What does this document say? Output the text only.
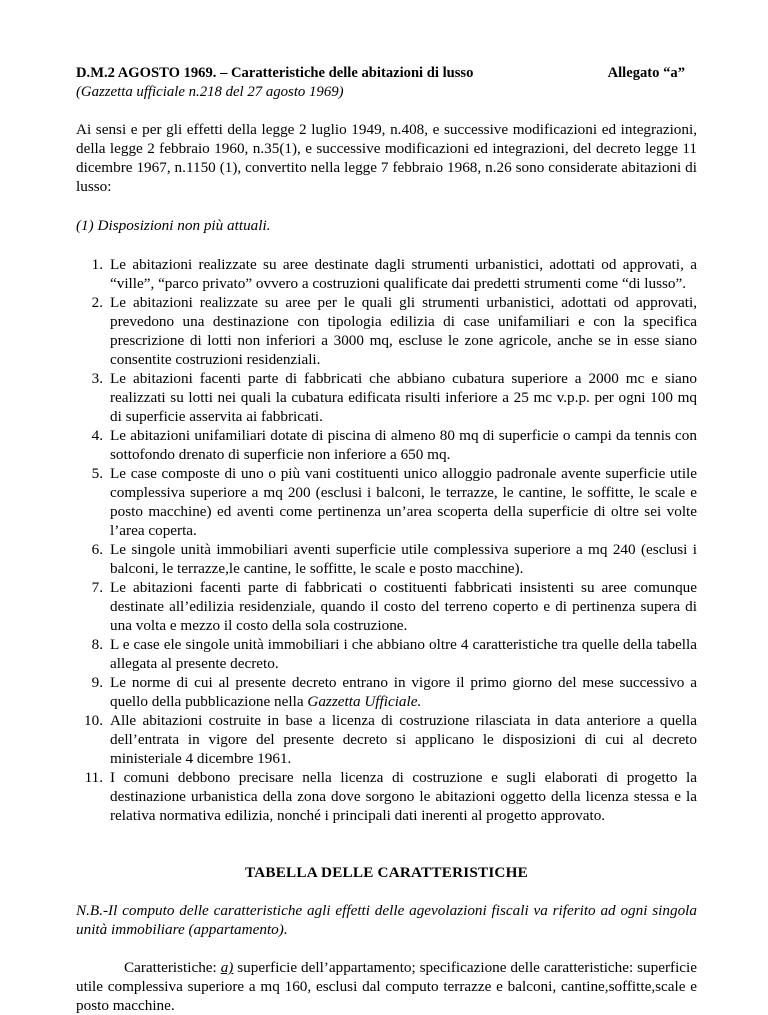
D.M.2 AGOSTO 1969. – Caratteristiche delle abitazioni di lusso	Allegato “a”
(Gazzetta ufficiale n.218 del 27 agosto 1969)

Ai sensi e per gli effetti della legge 2 luglio 1949, n.408, e successive modificazioni ed integrazioni, della legge 2 febbraio 1960, n.35(1), e successive modificazioni ed integrazioni, del decreto legge 11 dicembre 1967, n.1150 (1), convertito nella legge 7 febbraio 1968, n.26 sono considerate abitazioni di lusso:

(1) Disposizioni non più attuali.
1. Le abitazioni realizzate su aree destinate dagli strumenti urbanistici, adottati od approvati, a “ville”, “parco privato” ovvero a costruzioni qualificate dai predetti strumenti come “di lusso”.
2. Le abitazioni realizzate su aree per le quali gli strumenti urbanistici, adottati od approvati, prevedono una destinazione con tipologia edilizia di case unifamiliari e con la specifica prescrizione di lotti non inferiori a 3000 mq, escluse le zone agricole, anche se in esse siano consentite costruzioni residenziali.
3. Le abitazioni facenti parte di fabbricati che abbiano cubatura superiore a 2000 mc e siano realizzati su lotti nei quali la cubatura edificata risulti inferiore a 25 mc v.p.p. per ogni 100 mq di superficie asservita ai fabbricati.
4. Le abitazioni unifamiliari dotate di piscina di almeno 80 mq di superficie o campi da tennis con sottofondo drenato di superficie non inferiore a 650 mq.
5. Le case composte di uno o più vani costituenti unico alloggio padronale avente superficie utile complessiva superiore a mq 200 (esclusi i balconi, le terrazze, le cantine, le soffitte, le scale e posto macchine) ed aventi come pertinenza un’area scoperta della superficie di oltre sei volte l’area coperta.
6. Le singole unità immobiliari aventi superficie utile complessiva superiore a mq 240 (esclusi i balconi, le terrazze,le cantine, le soffitte, le scale e posto macchine).
7. Le abitazioni facenti parte di fabbricati o costituenti fabbricati insistenti su aree comunque destinate all’edilizia residenziale, quando il costo del terreno coperto e di pertinenza supera di una volta e mezzo il costo della sola costruzione.
8. L e case ele singole unità immobiliari i che abbiano oltre 4 caratteristiche tra quelle della tabella allegata al presente decreto.
9. Le norme di cui al presente decreto entrano in vigore il primo giorno del mese successivo a quello della pubblicazione nella Gazzetta Ufficiale.
10. Alle abitazioni costruite in base a licenza di costruzione rilasciata in data anteriore a quella dell’entrata in vigore del presente decreto si applicano le disposizioni di cui al decreto ministeriale 4 dicembre 1961.
11. I comuni debbono precisare nella licenza di costruzione e sugli elaborati di progetto la destinazione urbanistica della zona dove sorgono le abitazioni oggetto della licenza stessa e la relativa normativa edilizia, nonché i principali dati inerenti al progetto approvato.
TABELLA DELLE CARATTERISTICHE
N.B.-Il computo delle caratteristiche agli effetti delle agevolazioni fiscali va riferito ad ogni singola unità immobiliare (appartamento).
Caratteristiche: a) superficie dell’appartamento; specificazione delle caratteristiche: superficie utile complessiva superiore a mq 160, esclusi dal computo terrazze e balconi, cantine,soffitte,scale e posto macchine.
